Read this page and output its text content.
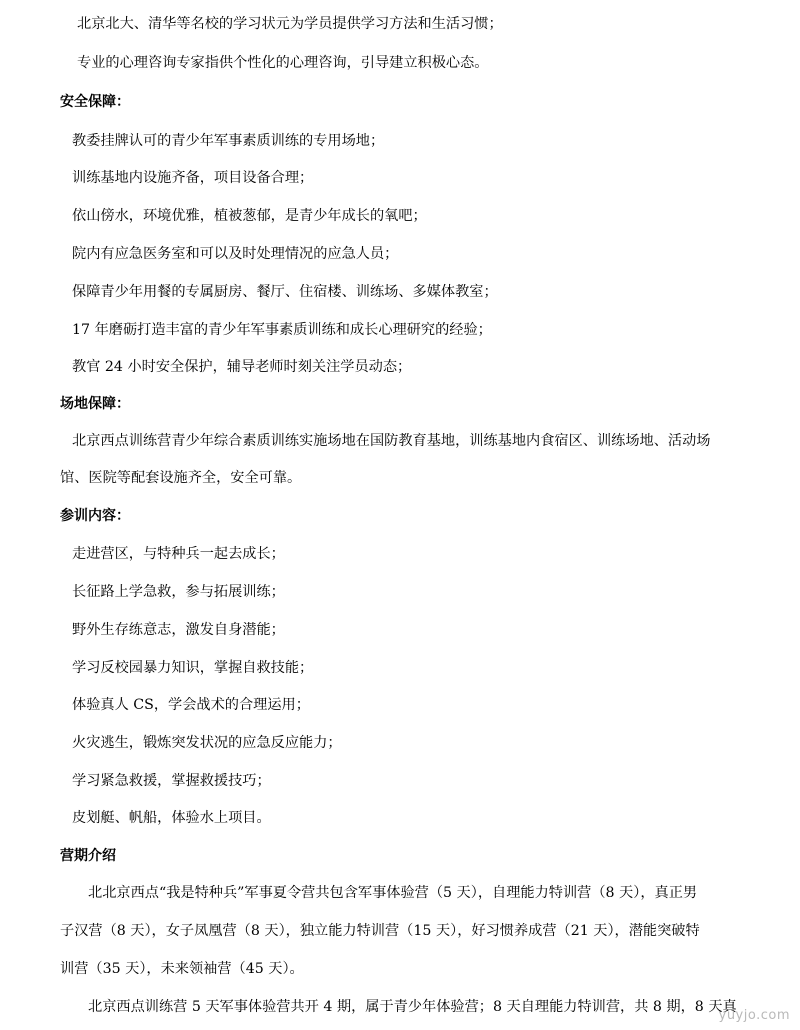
北京北大、清华等名校的学习状元为学员提供学习方法和生活习惯；
专业的心理咨询专家指供个性化的心理咨询，引导建立积极心态。
安全保障：
教委挂牌认可的青少年军事素质训练的专用场地；
训练基地内设施齐备，项目设备合理；
依山傍水，环境优雅，植被葱郁，是青少年成长的氧吧；
院内有应急医务室和可以及时处理情况的应急人员；
保障青少年用餐的专属厨房、餐厅、住宿楼、训练场、多媒体教室；
17 年磨砺打造丰富的青少年军事素质训练和成长心理研究的经验；
教官 24 小时安全保护，辅导老师时刻关注学员动态；
场地保障：
北京西点训练营青少年综合素质训练实施场地在国防教育基地，训练基地内食宿区、训练场地、活动场
馆、医院等配套设施齐全，安全可靠。
参训内容：
走进营区，与特种兵一起去成长；
长征路上学急救，参与拓展训练；
野外生存练意志，激发自身潜能；
学习反校园暴力知识，掌握自救技能；
体验真人 CS，学会战术的合理运用；
火灾逃生，锻炼突发状况的应急反应能力；
学习紧急救援，掌握救援技巧；
皮划艇、帆船，体验水上项目。
营期介绍
北北京西点“我是特种兵”军事夏令营共包含军事体验营（5 天），自理能力特训营（8 天），真正男
子汉营（8 天），女子凤凰营（8 天），独立能力特训营（15 天），好习惯养成营（21 天），潜能突破特
训营（35 天），未来领袖营（45 天）。
北京西点训练营 5 天军事体验营共开 4 期，属于青少年体验营；8 天自理能力特训营，共 8 期，8 天真
yuyjo.com
